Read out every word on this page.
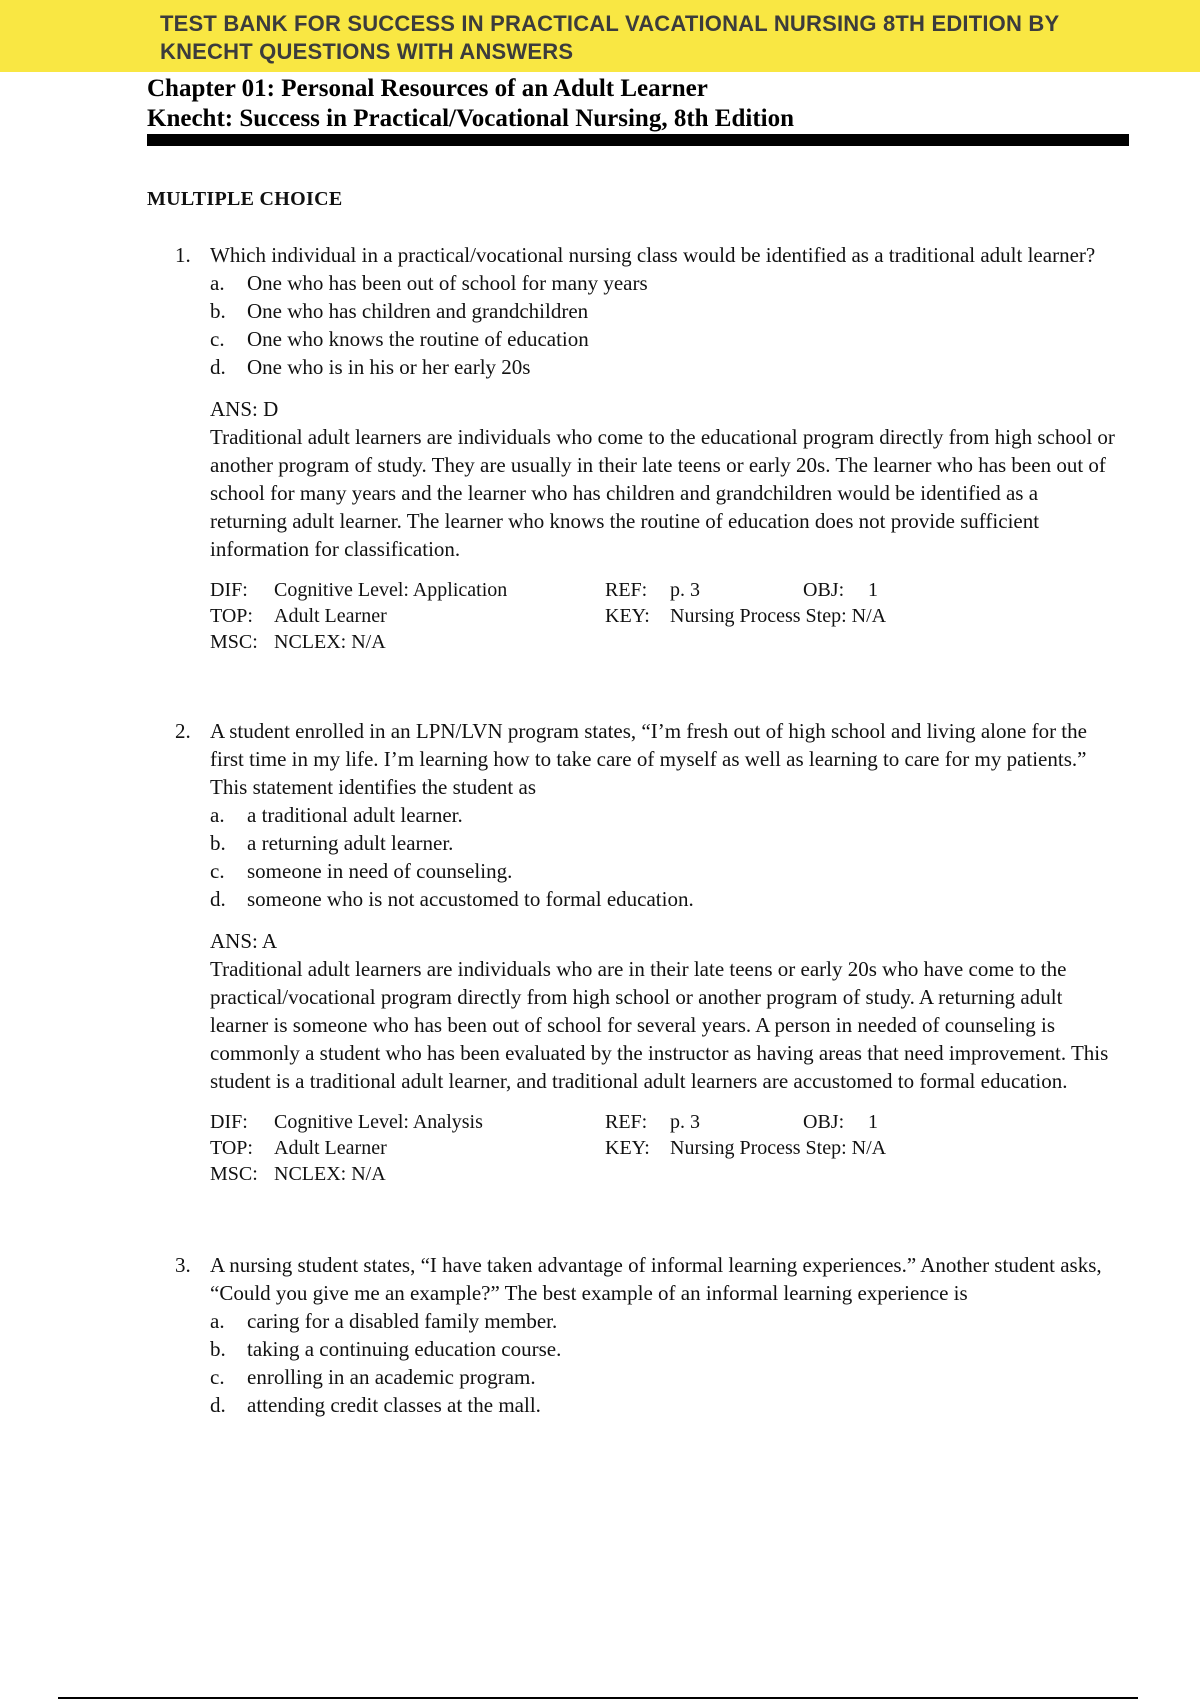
TEST BANK FOR SUCCESS IN PRACTICAL VACATIONAL NURSING 8TH EDITION BY
KNECHT QUESTIONS WITH ANSWERS
Chapter 01: Personal Resources of an Adult Learner
Knecht: Success in Practical/Vocational Nursing, 8th Edition
MULTIPLE CHOICE
1. Which individual in a practical/vocational nursing class would be identified as a traditional adult learner?
a. One who has been out of school for many years
b. One who has children and grandchildren
c. One who knows the routine of education
d. One who is in his or her early 20s
ANS: D
Traditional adult learners are individuals who come to the educational program directly from high school or another program of study. They are usually in their late teens or early 20s. The learner who has been out of school for many years and the learner who has children and grandchildren would be identified as a returning adult learner. The learner who knows the routine of education does not provide sufficient information for classification.
DIF: Cognitive Level: Application	REF: p. 3	OBJ: 1
TOP: Adult Learner	KEY: Nursing Process Step: N/A
MSC: NCLEX: N/A
2. A student enrolled in an LPN/LVN program states, “I’m fresh out of high school and living alone for the first time in my life. I’m learning how to take care of myself as well as learning to care for my patients.” This statement identifies the student as
a. a traditional adult learner.
b. a returning adult learner.
c. someone in need of counseling.
d. someone who is not accustomed to formal education.
ANS: A
Traditional adult learners are individuals who are in their late teens or early 20s who have come to the practical/vocational program directly from high school or another program of study. A returning adult learner is someone who has been out of school for several years. A person in needed of counseling is commonly a student who has been evaluated by the instructor as having areas that need improvement. This student is a traditional adult learner, and traditional adult learners are accustomed to formal education.
DIF: Cognitive Level: Analysis	REF: p. 3	OBJ: 1
TOP: Adult Learner	KEY: Nursing Process Step: N/A
MSC: NCLEX: N/A
3. A nursing student states, “I have taken advantage of informal learning experiences.” Another student asks, “Could you give me an example?” The best example of an informal learning experience is
a. caring for a disabled family member.
b. taking a continuing education course.
c. enrolling in an academic program.
d. attending credit classes at the mall.
